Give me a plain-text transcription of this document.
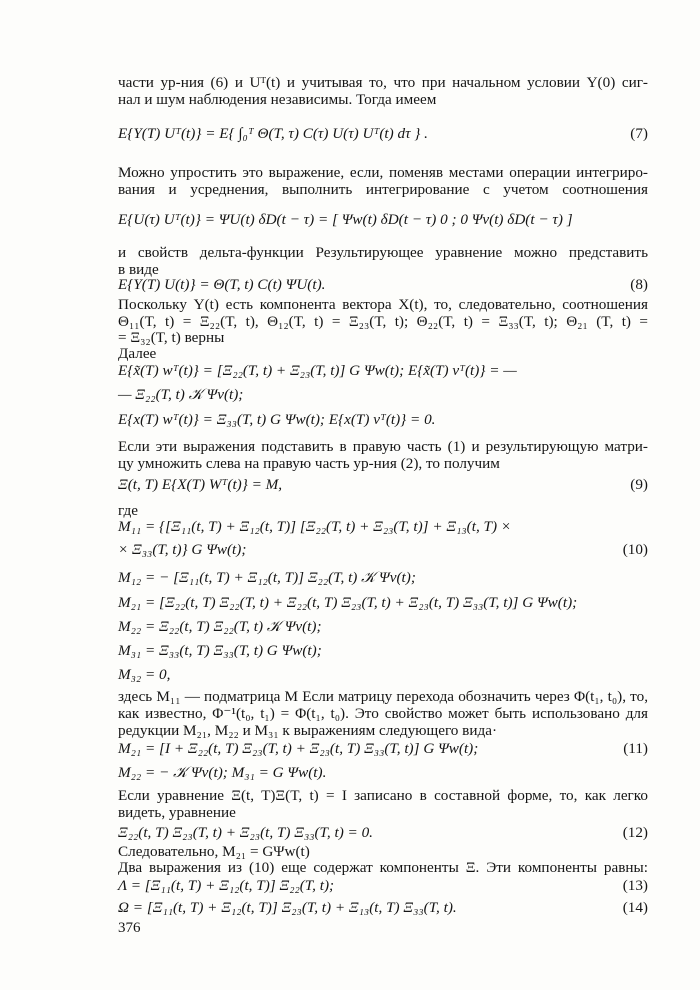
части ур-ния (6) и Uᵀ(t) и учитывая то, что при начальном условии Y(0) сиг-
нал и шум наблюдения независимы. Тогда имеем
E{Y(T) Uᵀ(t)} = E{ ∫₀ᵀ Θ(T, τ) C(τ) U(τ) Uᵀ(t) dτ } .	(7)
Можно упростить это выражение, если, поменяв местами операции интегриро-
вания и усреднения, выполнить интегрирование с учетом соотношения
E{U(τ) Uᵀ(t)} = ΨU(t) δD(t − τ) = [ Ψw(t) δD(t − τ) 0 ; 0 Ψv(t) δD(t − τ) ]
и свойств дельта-функции Результирующее уравнение можно представить
в виде
E{Y(T) U(t)} = Θ(T, t) C(t) ΨU(t).	(8)
Поскольку Y(t) есть компонента вектора X(t), то, следовательно, соотношения
Θ₁₁(T, t) = Ξ₂₂(T, t), Θ₁₂(T, t) = Ξ₂₃(T, t); Θ₂₂(T, t) = Ξ₃₃(T, t); Θ₂₁ (T, t) =
= Ξ₃₂(T, t) верны
Далее
E{x̃(T) wᵀ(t)} = [Ξ₂₂(T, t) + Ξ₂₃(T, t)] G Ψw(t); E{x̃(T) vᵀ(t)} = —
— Ξ₂₂(T, t) 𝒦 Ψv(t);
E{x(T) wᵀ(t)} = Ξ₃₃(T, t) G Ψw(t); E{x(T) vᵀ(t)} = 0.
Если эти выражения подставить в правую часть (1) и результирующую матри-
цу умножить слева на правую часть ур-ния (2), то получим
Ξ(t, T) E{X(T) Wᵀ(t)} = M,	(9)
где
M₁₁ = {[Ξ₁₁(t, T) + Ξ₁₂(t, T)] [Ξ₂₂(T, t) + Ξ₂₃(T, t)] + Ξ₁₃(t, T) ×
× Ξ₃₃(T, t)} G Ψw(t);	(10)
M₁₂ = − [Ξ₁₁(t, T) + Ξ₁₂(t, T)] Ξ₂₂(T, t) 𝒦 Ψv(t);
M₂₁ = [Ξ₂₂(t, T) Ξ₂₂(T, t) + Ξ₂₂(t, T) Ξ₂₃(T, t) + Ξ₂₃(t, T) Ξ₃₃(T, t)] G Ψw(t);
M₂₂ = Ξ₂₂(t, T) Ξ₂₂(T, t) 𝒦 Ψv(t);
M₃₁ = Ξ₃₃(t, T) Ξ₃₃(T, t) G Ψw(t);
M₃₂ = 0,
здесь M₁₁ — подматрица M Если матрицу перехода обозначить через Φ(t₁, t₀), то,
как известно, Φ⁻¹(t₀, t₁) = Φ(t₁, t₀). Это свойство может быть использовано для
редукции M₂₁, M₂₂ и M₃₁ к выражениям следующего вида·
M₂₁ = [I + Ξ₂₂(t, T) Ξ₂₃(T, t) + Ξ₂₃(t, T) Ξ₃₃(T, t)] G Ψw(t);	(11)
M₂₂ = − 𝒦 Ψv(t); M₃₁ = G Ψw(t).
Если уравнение Ξ(t, T)Ξ(T, t) = I записано в составной форме, то, как легко
видеть, уравнение
Ξ₂₂(t, T) Ξ₂₃(T, t) + Ξ₂₃(t, T) Ξ₃₃(T, t) = 0.	(12)
Следовательно, M₂₁ = GΨw(t)
Два выражения из (10) еще содержат компоненты Ξ. Эти компоненты равны:
Λ = [Ξ₁₁(t, T) + Ξ₁₂(t, T)] Ξ₂₂(T, t);	(13)
Ω = [Ξ₁₁(t, T) + Ξ₁₂(t, T)] Ξ₂₃(T, t) + Ξ₁₃(t, T) Ξ₃₃(T, t).	(14)
376
